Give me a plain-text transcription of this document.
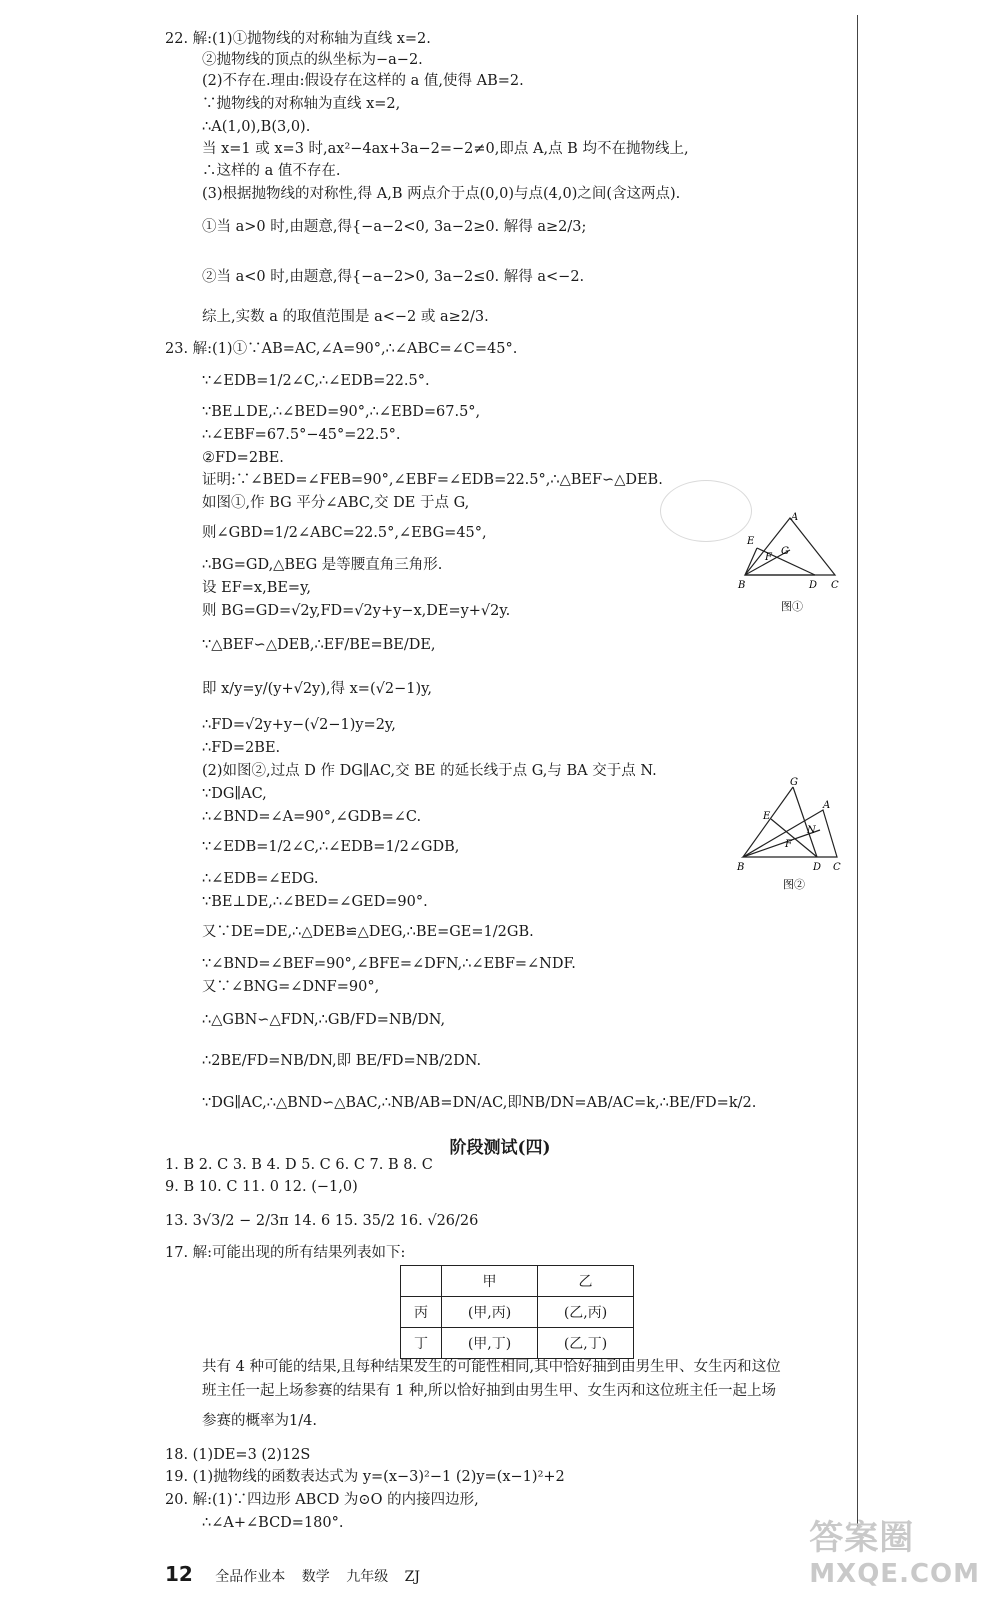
22. 解:(1)①抛物线的对称轴为直线 x=2.
②抛物线的顶点的纵坐标为−a−2.
(2)不存在.理由:假设存在这样的 a 值,使得 AB=2.
∵抛物线的对称轴为直线 x=2,
∴A(1,0),B(3,0).
当 x=1 或 x=3 时,ax²−4ax+3a−2=−2≠0,即点 A,点 B 均不在抛物线上,
∴这样的 a 值不存在.
(3)根据抛物线的对称性,得 A,B 两点介于点(0,0)与点(4,0)之间(含这两点).
①当 a>0 时,由题意,得{−a−2<0, 3a−2≥0. 解得 a≥2/3;
②当 a<0 时,由题意,得{−a−2>0, 3a−2≤0. 解得 a<−2.
综上,实数 a 的取值范围是 a<−2 或 a≥2/3.
23. 解:(1)①∵AB=AC,∠A=90°,∴∠ABC=∠C=45°.
∵∠EDB=1/2∠C,∴∠EDB=22.5°.
∵BE⊥DE,∴∠BED=90°,∴∠EBD=67.5°,
∴∠EBF=67.5°−45°=22.5°.
②FD=2BE.
证明:∵∠BED=∠FEB=90°,∠EBF=∠EDB=22.5°,∴△BEF∽△DEB.
如图①,作 BG 平分∠ABC,交 DE 于点 G,
则∠GBD=1/2∠ABC=22.5°,∠EBG=45°,
∴BG=GD,△BEG 是等腰直角三角形.
设 EF=x,BE=y,
则 BG=GD=√2y,FD=√2y+y−x,DE=y+√2y.
∵△BEF∽△DEB,∴EF/BE=BE/DE,
即 x/y=y/(y+√2y),得 x=(√2−1)y,
∴FD=√2y+y−(√2−1)y=2y,
∴FD=2BE.
(2)如图②,过点 D 作 DG∥AC,交 BE 的延长线于点 G,与 BA 交于点 N.
∵DG∥AC,
∴∠BND=∠A=90°,∠GDB=∠C.
∵∠EDB=1/2∠C,∴∠EDB=1/2∠GDB,
∴∠EDB=∠EDG.
∵BE⊥DE,∴∠BED=∠GED=90°.
又∵DE=DE,∴△DEB≌△DEG,∴BE=GE=1/2GB.
∵∠BND=∠BEF=90°,∠BFE=∠DFN,∴∠EBF=∠NDF.
又∵∠BNG=∠DNF=90°,
∴△GBN∽△FDN,∴GB/FD=NB/DN,
∴2BE/FD=NB/DN,即 BE/FD=NB/2DN.
∵DG∥AC,∴△BND∽△BAC,∴NB/AB=DN/AC,即NB/DN=AB/AC=k,∴BE/FD=k/2.
1. B 2. C 3. B 4. D 5. C 6. C 7. B 8. C
9. B 10. C 11. 0 12. (−1,0)
13. 3√3/2 − 2/3π 14. 6 15. 35/2 16. √26/26
17. 解:可能出现的所有结果列表如下:
共有 4 种可能的结果,且每种结果发生的可能性相同,其中恰好抽到由男生甲、女生丙和这位
班主任一起上场参赛的结果有 1 种,所以恰好抽到由男生甲、女生丙和这位班主任一起上场
参赛的概率为1/4.
18. (1)DE=3 (2)12S
19. (1)抛物线的函数表达式为 y=(x−3)²−1 (2)y=(x−1)²+2
20. 解:(1)∵四边形 ABCD 为⊙O 的内接四边形,
∴∠A+∠BCD=180°.
阶段测试(四)
	甲	乙
丙	(甲,丙)	(乙,丙)
丁	(甲,丁)	(乙,丁)
E
A
F
G
B	D C
图①
G
E
A
N
F
B	D C
图②
12 全品作业本 数学 九年级 ZJ
答案圈
MXQE.COM
